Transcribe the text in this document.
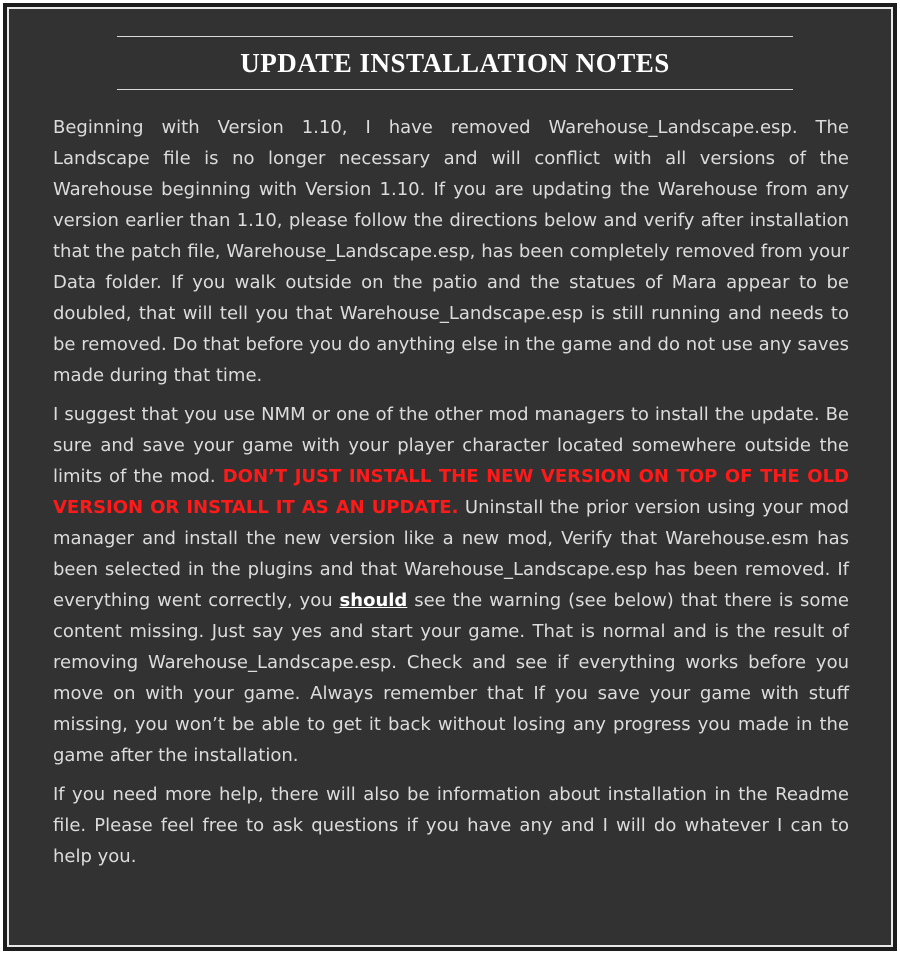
UPDATE INSTALLATION NOTES

Beginning with Version 1.10, I have removed Warehouse_Landscape.esp. The Landscape file is no longer necessary and will conflict with all versions of the Warehouse beginning with Version 1.10. If you are updating the Warehouse from any version earlier than 1.10, please follow the directions below and verify after installation that the patch file, Warehouse_Landscape.esp, has been completely removed from your Data folder. If you walk outside on the patio and the statues of Mara appear to be doubled, that will tell you that Warehouse_Landscape.esp is still running and needs to be removed. Do that before you do anything else in the game and do not use any saves made during that time.

I suggest that you use NMM or one of the other mod managers to install the update. Be sure and save your game with your player character located somewhere outside the limits of the mod. DON’T JUST INSTALL THE NEW VERSION ON TOP OF THE OLD VERSION OR INSTALL IT AS AN UPDATE. Uninstall the prior version using your mod manager and install the new version like a new mod, Verify that Warehouse.esm has been selected in the plugins and that Warehouse_Landscape.esp has been removed. If everything went correctly, you should see the warning (see below) that there is some content missing. Just say yes and start your game. That is normal and is the result of removing Warehouse_Landscape.esp. Check and see if everything works before you move on with your game. Always remember that If you save your game with stuff missing, you won’t be able to get it back without losing any progress you made in the game after the installation.

If you need more help, there will also be information about installation in the Readme file. Please feel free to ask questions if you have any and I will do whatever I can to help you.
